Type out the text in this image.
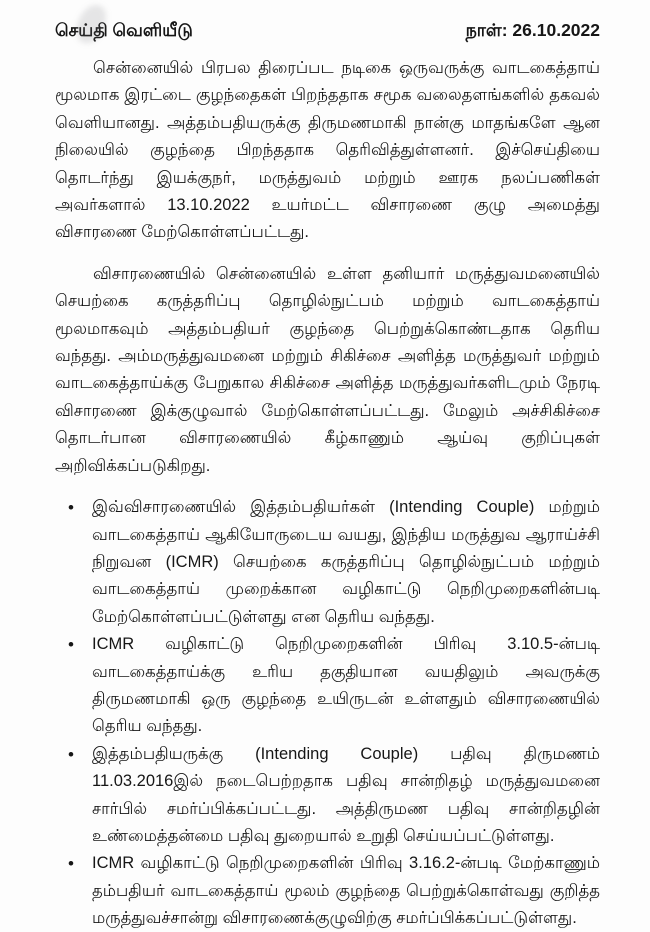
செய்தி வெளியீடு	நாள்: 26.10.2022

சென்னையில் பிரபல திரைப்பட நடிகை ஒருவருக்கு வாடகைத்தாய் மூலமாக இரட்டை குழந்தைகள் பிறந்ததாக சமூக வலைதளங்களில் தகவல் வெளியானது. அத்தம்பதியருக்கு திருமணமாகி நான்கு மாதங்களே ஆன நிலையில் குழந்தை பிறந்ததாக தெரிவித்துள்ளனர். இச்செய்தியை தொடர்ந்து இயக்குநர், மருத்துவம் மற்றும் ஊரக நலப்பணிகள் அவர்களால் 13.10.2022 உயர்மட்ட விசாரணை குழு அமைத்து விசாரணை மேற்கொள்ளப்பட்டது.

விசாரணையில் சென்னையில் உள்ள தனியார் மருத்துவமனையில் செயற்கை கருத்தரிப்பு தொழில்நுட்பம் மற்றும் வாடகைத்தாய் மூலமாகவும் அத்தம்பதியர் குழந்தை பெற்றுக்கொண்டதாக தெரிய வந்தது. அம்மருத்துவமனை மற்றும் சிகிச்சை அளித்த மருத்துவர் மற்றும் வாடகைத்தாய்க்கு பேறுகால சிகிச்சை அளித்த மருத்துவர்களிடமும் நேரடி விசாரணை இக்குழுவால் மேற்கொள்ளப்பட்டது. மேலும் அச்சிகிச்சை தொடர்பான விசாரணையில் கீழ்காணும் ஆய்வு குறிப்புகள் அறிவிக்கப்படுகிறது.

• இவ்விசாரணையில் இத்தம்பதியர்கள் (Intending Couple) மற்றும் வாடகைத்தாய் ஆகியோருடைய வயது, இந்திய மருத்துவ ஆராய்ச்சி நிறுவன (ICMR) செயற்கை கருத்தரிப்பு தொழில்நுட்பம் மற்றும் வாடகைத்தாய் முறைக்கான வழிகாட்டு நெறிமுறைகளின்படி மேற்கொள்ளப்பட்டுள்ளது என தெரிய வந்தது.
• ICMR வழிகாட்டு நெறிமுறைகளின் பிரிவு 3.10.5-ன்படி வாடகைத்தாய்க்கு உரிய தகுதியான வயதிலும் அவருக்கு திருமணமாகி ஒரு குழந்தை உயிருடன் உள்ளதும் விசாரணையில் தெரிய வந்தது.
• இத்தம்பதியருக்கு (Intending Couple) பதிவு திருமணம் 11.03.2016இல் நடைபெற்றதாக பதிவு சான்றிதழ் மருத்துவமனை சார்பில் சமர்ப்பிக்கப்பட்டது. அத்திருமண பதிவு சான்றிதழின் உண்மைத்தன்மை பதிவு துறையால் உறுதி செய்யப்பட்டுள்ளது.
• ICMR வழிகாட்டு நெறிமுறைகளின் பிரிவு 3.16.2-ன்படி மேற்காணும் தம்பதியர் வாடகைத்தாய் மூலம் குழந்தை பெற்றுக்கொள்வது குறித்த மருத்துவச்சான்று விசாரணைக்குழுவிற்கு சமர்ப்பிக்கப்பட்டுள்ளது.
